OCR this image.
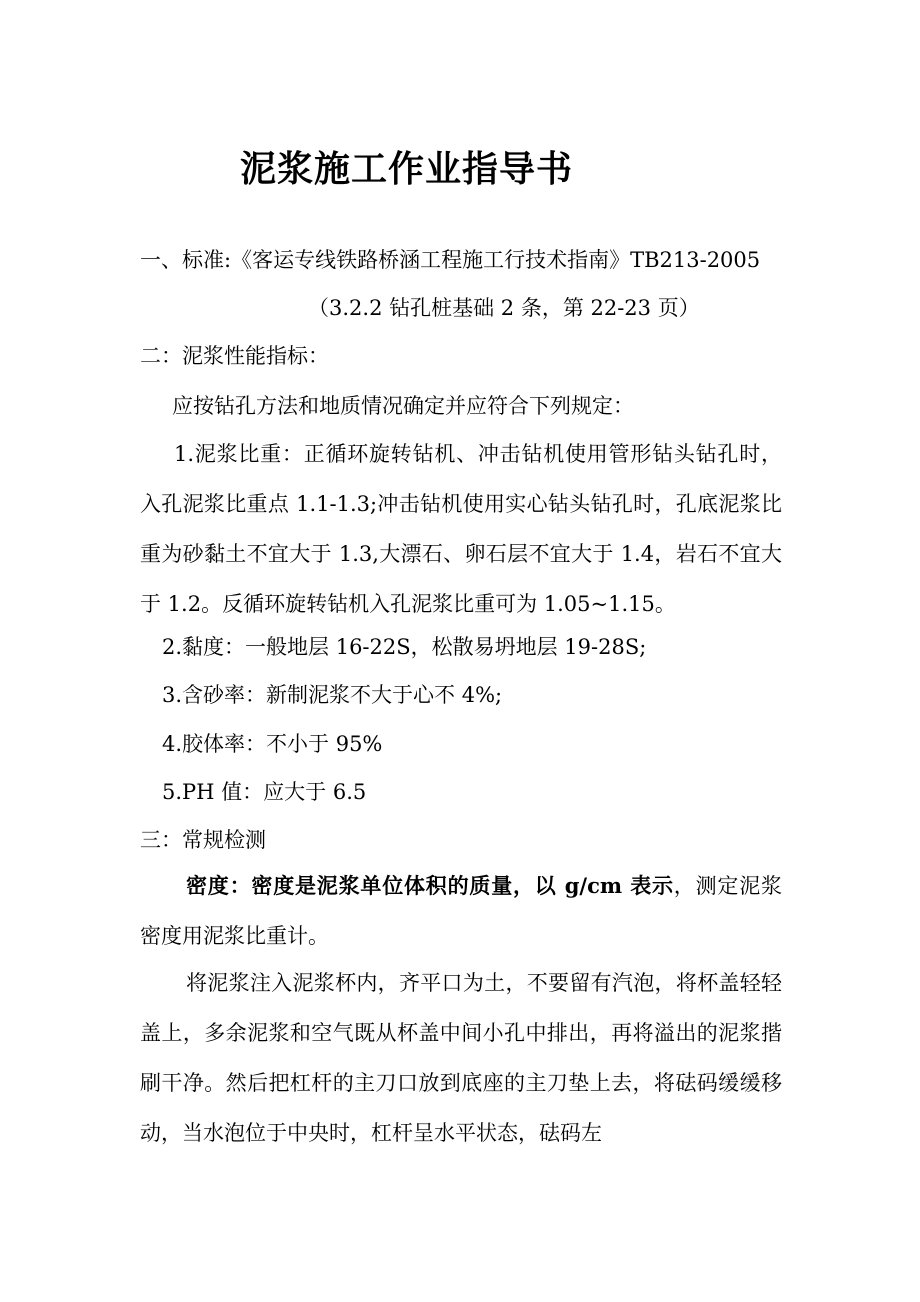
泥浆施工作业指导书

一、标准:《客运专线铁路桥涵工程施工行技术指南》TB213-2005

（3.2.2 钻孔桩基础 2 条，第 22-23 页）

二：泥浆性能指标：

应按钻孔方法和地质情况确定并应符合下列规定：

1.泥浆比重：正循环旋转钻机、冲击钻机使用管形钻头钻孔时，入孔泥浆比重点 1.1-1.3;冲击钻机使用实心钻头钻孔时，孔底泥浆比重为砂黏土不宜大于 1.3,大漂石、卵石层不宜大于 1.4，岩石不宜大于 1.2。反循环旋转钻机入孔泥浆比重可为 1.05~1.15。

2.黏度：一般地层 16-22S，松散易坍地层 19-28S;

3.含砂率：新制泥浆不大于心不 4%;

4.胶体率：不小于 95%

5.PH 值：应大于 6.5

三：常规检测

密度：密度是泥浆单位体积的质量，以 g/cm 表示，测定泥浆密度用泥浆比重计。

将泥浆注入泥浆杯内，齐平口为土，不要留有汽泡，将杯盖轻轻盖上，多余泥浆和空气既从杯盖中间小孔中排出，再将溢出的泥浆揩刷干净。然后把杠杆的主刀口放到底座的主刀垫上去，将砝码缓缓移动，当水泡位于中央时，杠杆呈水平状态，砝码左
